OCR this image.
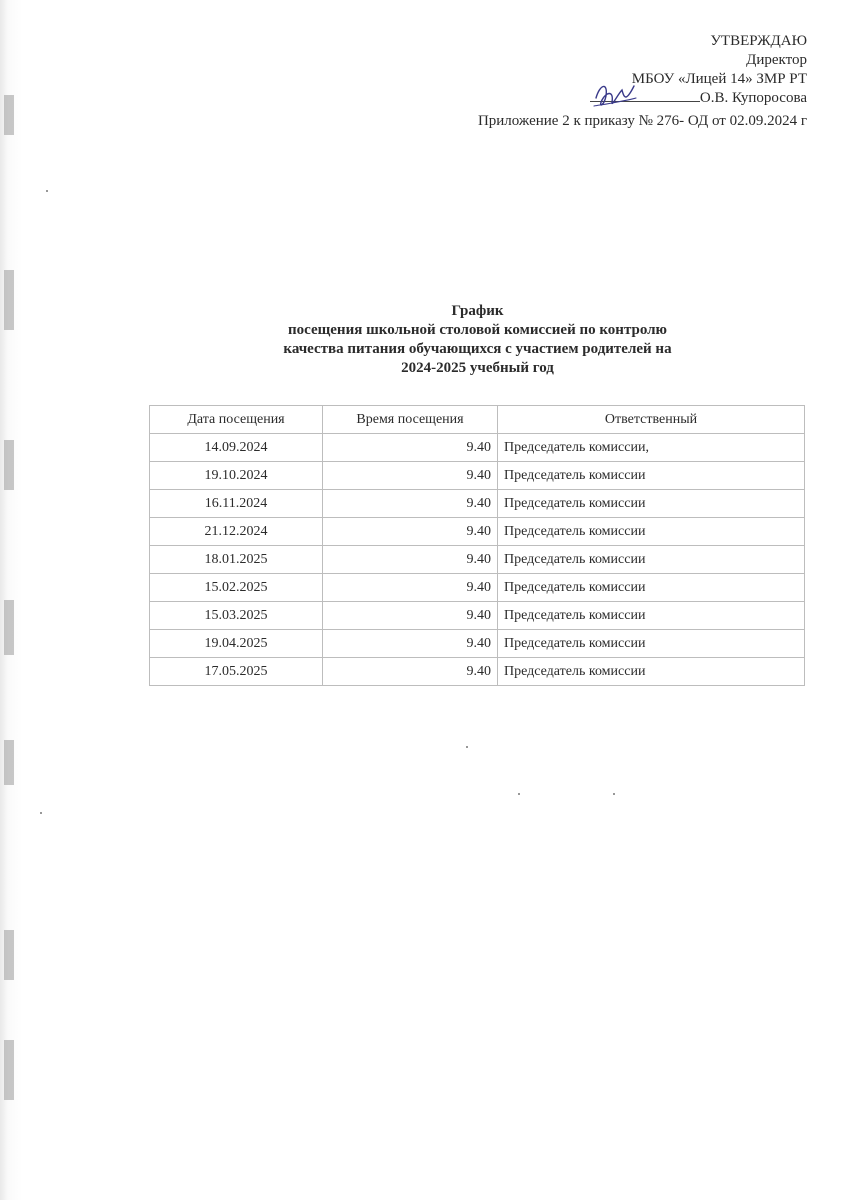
УТВЕРЖДАЮ
Директор
МБОУ «Лицей 14» ЗМР РТ
О.В. Купоросова
Приложение 2 к приказу № 276- ОД от 02.09.2024 г
График
посещения школьной столовой комиссией по контролю
качества питания обучающихся с участием родителей на
2024-2025 учебный год
Дата посещения	Время посещения	Ответственный
14.09.2024	9.40	Председатель комиссии,
19.10.2024	9.40	Председатель комиссии
16.11.2024	9.40	Председатель комиссии
21.12.2024	9.40	Председатель комиссии
18.01.2025	9.40	Председатель комиссии
15.02.2025	9.40	Председатель комиссии
15.03.2025	9.40	Председатель комиссии
19.04.2025	9.40	Председатель комиссии
17.05.2025	9.40	Председатель комиссии
